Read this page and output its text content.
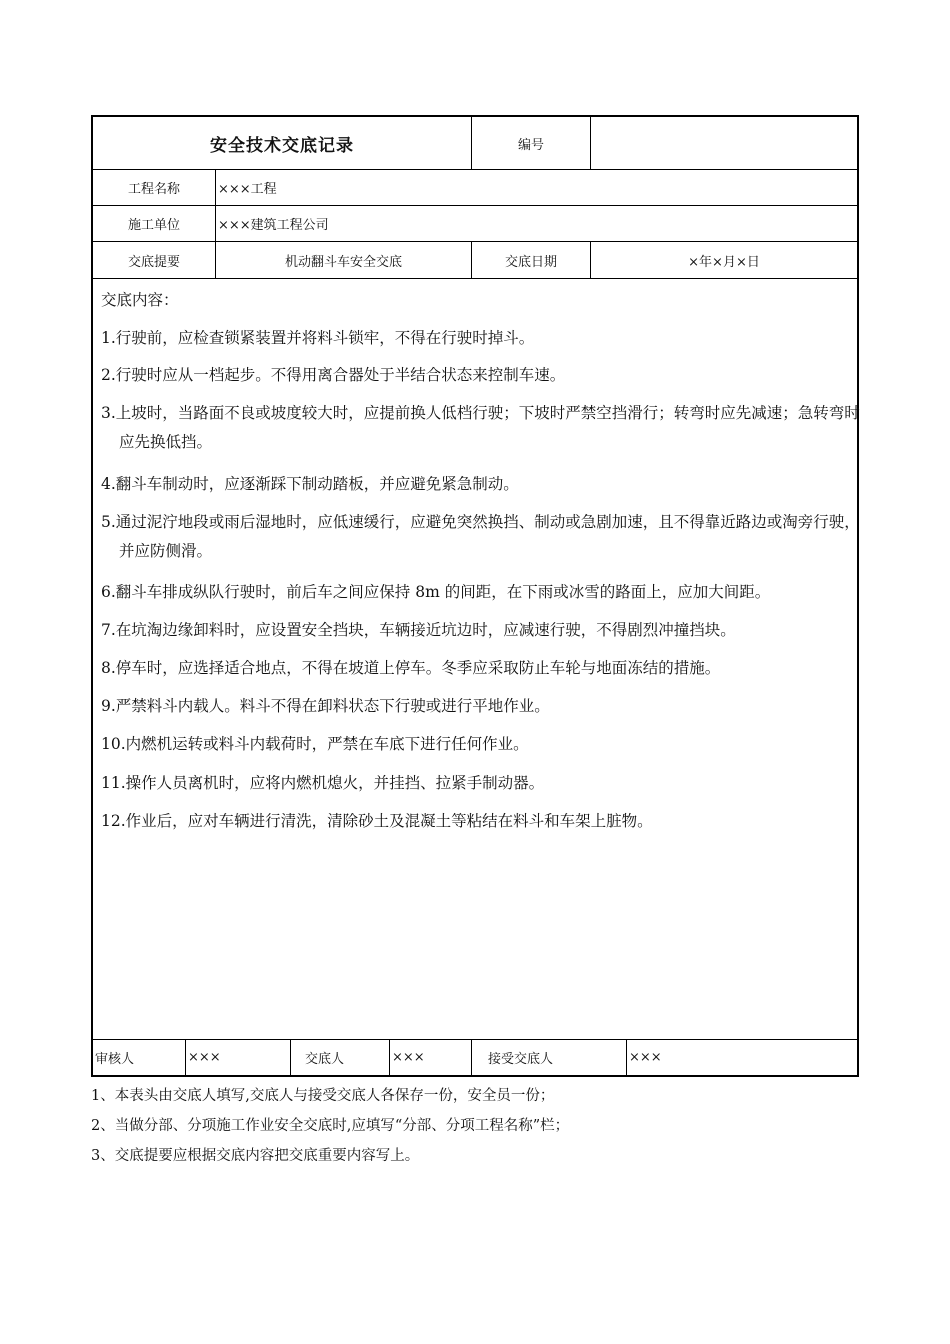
安全技术交底记录	编号
工程名称	×××工程
施工单位	×××建筑工程公司
交底提要	机动翻斗车安全交底	交底日期	×年×月×日
交底内容：
1.行驶前，应检查锁紧装置并将料斗锁牢，不得在行驶时掉斗。
2.行驶时应从一档起步。不得用离合器处于半结合状态来控制车速。
3.上坡时，当路面不良或坡度较大时，应提前换人低档行驶；下坡时严禁空挡滑行；转弯时应先减速；急转弯时应先换低挡。
4.翻斗车制动时，应逐渐踩下制动踏板，并应避免紧急制动。
5.通过泥泞地段或雨后湿地时，应低速缓行，应避免突然换挡、制动或急剧加速，且不得靠近路边或淘旁行驶，并应防侧滑。
6.翻斗车排成纵队行驶时，前后车之间应保持 8m 的间距，在下雨或冰雪的路面上，应加大间距。
7.在坑淘边缘卸料时，应设置安全挡块，车辆接近坑边时，应减速行驶，不得剧烈冲撞挡块。
8.停车时，应选择适合地点，不得在坡道上停车。冬季应采取防止车轮与地面冻结的措施。
9.严禁料斗内载人。料斗不得在卸料状态下行驶或进行平地作业。
10.内燃机运转或料斗内载荷时，严禁在车底下进行任何作业。
11.操作人员离机时，应将内燃机熄火，并挂挡、拉紧手制动器。
12.作业后，应对车辆进行清洗，清除砂土及混凝土等粘结在料斗和车架上脏物。
审核人	×××	交底人	×××	接受交底人	×××
1、本表头由交底人填写,交底人与接受交底人各保存一份，安全员一份；
2、当做分部、分项施工作业安全交底时,应填写“分部、分项工程名称”栏；
3、交底提要应根据交底内容把交底重要内容写上。
